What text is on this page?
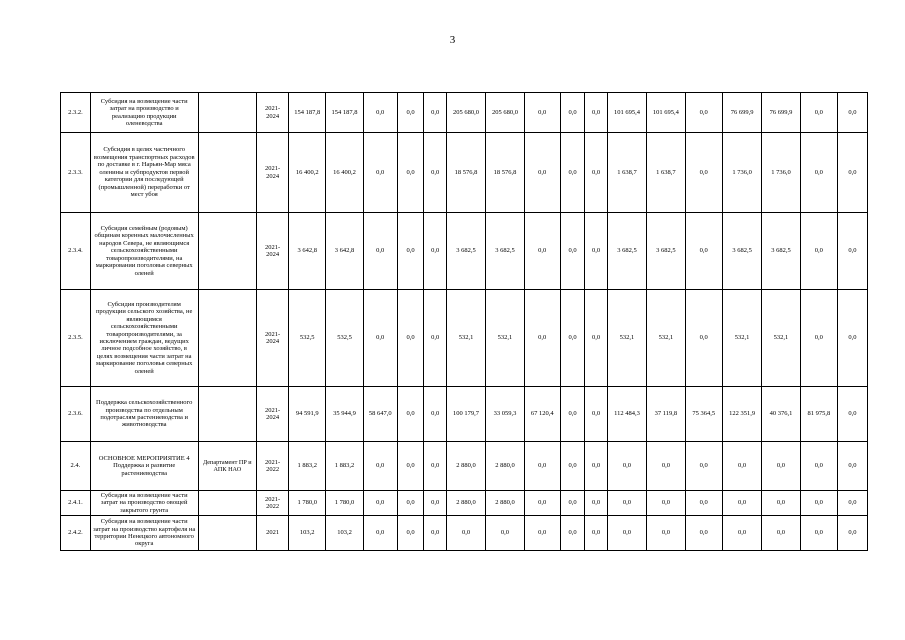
3
2.3.2.	Субсидия на возмещение части затрат на производство и реализацию продукции оленеводства		2021-2024	154 187,8	154 187,8	0,0	0,0	0,0	205 680,0	205 680,0	0,0	0,0	0,0	101 695,4	101 695,4	0,0	76 699,9	76 699,9	0,0	0,0
2.3.3.	Субсидия в целях частичного возмещения транспортных расходов по доставке в г. Нарьян-Мар мяса оленины и субпродуктов первой категории для последующей (промышленной) переработки от мест убоя		2021-2024	16 400,2	16 400,2	0,0	0,0	0,0	18 576,8	18 576,8	0,0	0,0	0,0	1 638,7	1 638,7	0,0	1 736,0	1 736,0	0,0	0,0
2.3.4.	Субсидия семейным (родовым) общинам коренных малочисленных народов Севера, не являющимся сельскохозяйственными товаропроизводителями, на маркировании поголовья северных оленей		2021-2024	3 642,8	3 642,8	0,0	0,0	0,0	3 682,5	3 682,5	0,0	0,0	0,0	3 682,5	3 682,5	0,0	3 682,5	3 682,5	0,0	0,0
2.3.5.	Субсидия производителям продукции сельского хозяйства, не являющимся сельскохозяйственными товаропроизводителями, за исключением граждан, ведущих личное подсобное хозяйство, в целях возмещения части затрат на маркирование поголовья северных оленей		2021-2024	532,5	532,5	0,0	0,0	0,0	532,1	532,1	0,0	0,0	0,0	532,1	532,1	0,0	532,1	532,1	0,0	0,0
2.3.6.	Поддержка сельскохозяйственного производства по отдельным подотраслям растениеводства и животноводства		2021-2024	94 591,9	35 944,9	58 647,0	0,0	0,0	100 179,7	33 059,3	67 120,4	0,0	0,0	112 484,3	37 119,8	75 364,5	122 351,9	40 376,1	81 975,8	0,0
2.4.	ОСНОВНОЕ МЕРОПРИЯТИЕ 4 Поддержка и развитие растениеводства	Департамент ПР и АПК НАО	2021-2022	1 883,2	1 883,2	0,0	0,0	0,0	2 880,0	2 880,0	0,0	0,0	0,0	0,0	0,0	0,0	0,0	0,0	0,0	0,0
2.4.1.	Субсидия на возмещение части затрат на производство овощей закрытого грунта		2021-2022	1 780,0	1 780,0	0,0	0,0	0,0	2 880,0	2 880,0	0,0	0,0	0,0	0,0	0,0	0,0	0,0	0,0	0,0	0,0
2.4.2.	Субсидия на возмещение части затрат на производство картофеля на территории Ненецкого автономного округа		2021	103,2	103,2	0,0	0,0	0,0	0,0	0,0	0,0	0,0	0,0	0,0	0,0	0,0	0,0	0,0	0,0	0,0
